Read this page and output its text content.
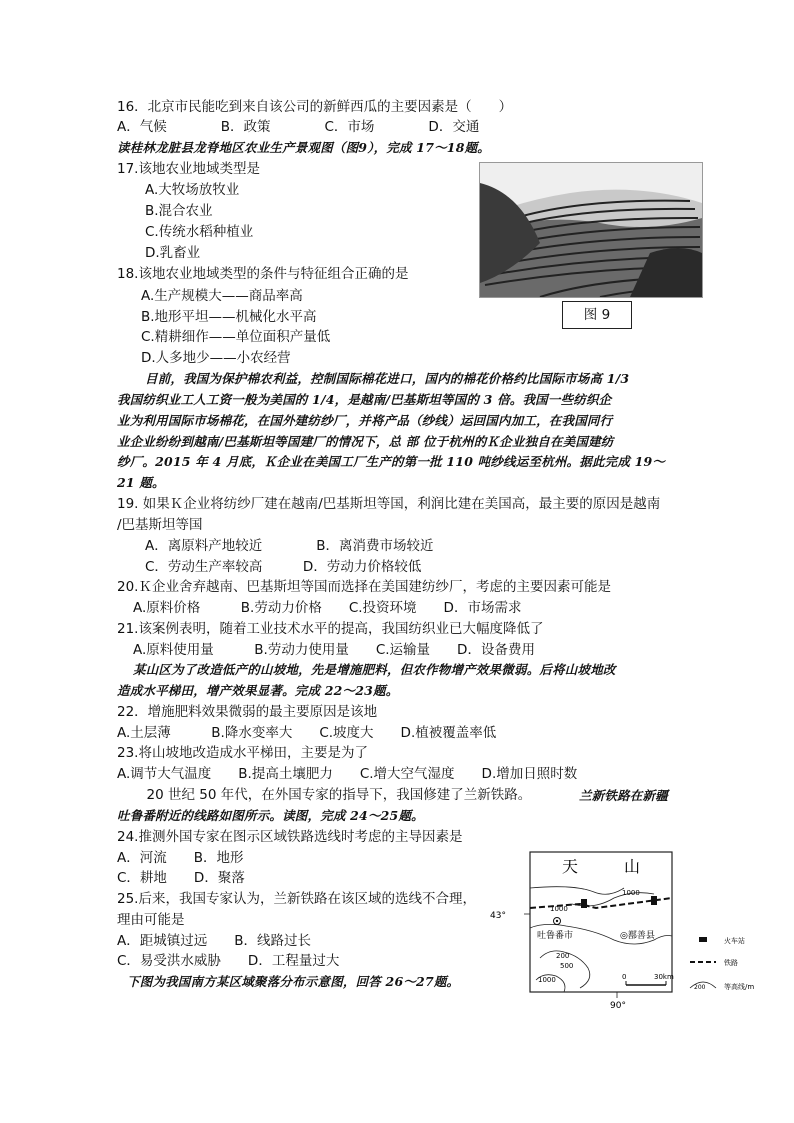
16．北京市民能吃到来自该公司的新鲜西瓜的主要因素是（　　）
A．气候　　　　B．政策　　　　C．市场　　　　D．交通
读桂林龙脏县龙脊地区农业生产景观图（图9），完成 17～18题。
17.该地农业地域类型是
A.大牧场放牧业
B.混合农业
C.传统水稻种植业
D.乳畜业
图 9
18.该地农业地域类型的条件与特征组合正确的是
A.生产规模大——商品率高
B.地形平坦——机械化水平高
C.精耕细作——单位面积产量低
D.人多地少——小农经营
目前，我国为保护棉农利益，控制国际棉花进口，国内的棉花价格约比国际市场高 1/3
我国纺织业工人工资一般为美国的 1/4，是越南/巴基斯坦等国的 3 倍。我国一些纺织企
业为利用国际市场棉花，在国外建纺纱厂，并将产品（纱线）运回国内加工，在我国同行
业企业纷纷到越南/巴基斯坦等国建厂的情况下，总 部 位于杭州的Ｋ企业独自在美国建纺
纱厂。2015 年 4 月底，Ｋ企业在美国工厂生产的第一批 110 吨纱线运至杭州。据此完成 19～
21 题。
19. 如果Ｋ企业将纺纱厂建在越南/巴基斯坦等国，利润比建在美国高，最主要的原因是越南
/巴基斯坦等国
A．离原料产地较近　　　　B．离消费市场较近
C．劳动生产率较高　　　D．劳动力价格较低
20.Ｋ企业舍弃越南、巴基斯坦等国而选择在美国建纺纱厂，考虑的主要因素可能是
A.原料价格　　　B.劳动力价格　　C.投资环境　　D．市场需求
21.该案例表明，随着工业技术水平的提高，我国纺织业已大幅度降低了
A.原料使用量　　　B.劳动力使用量　　C.运输量　　D．设备费用
某山区为了改造低产的山坡地，先是增施肥料，但农作物增产效果微弱。后将山坡地改
造成水平梯田，增产效果显著。完成 22～23题。
22．增施肥料效果微弱的最主要原因是该地
A.土层薄　　　B.降水变率大　　C.坡度大　　D.植被覆盖率低
23.将山坡地改造成水平梯田，主要是为了
A.调节大气温度　　B.提高土壤肥力　　C.增大空气湿度　　D.增加日照时数
　20 世纪 50 年代，在外国专家的指导下，我国修建了兰新铁路。	兰新铁路在新疆
吐鲁番附近的线路如图所示。读图，完成 24～25题。
24.推测外国专家在图示区域铁路选线时考虑的主导因素是
A．河流　　B．地形
C．耕地　　D．聚落
25.后来，我国专家认为，兰新铁路在该区域的选线不合理，
理由可能是
A．距城镇过远　　B．线路过长
C．易受洪水威胁　　D．工程量过大
下图为我国南方某区域聚落分布示意图，回答 26～27题。
天	山
1000
1000
200
500
1000
吐鲁番市	◎鄯善县
43°
90°
0	30km
火车站
铁路
200	等高线/m
